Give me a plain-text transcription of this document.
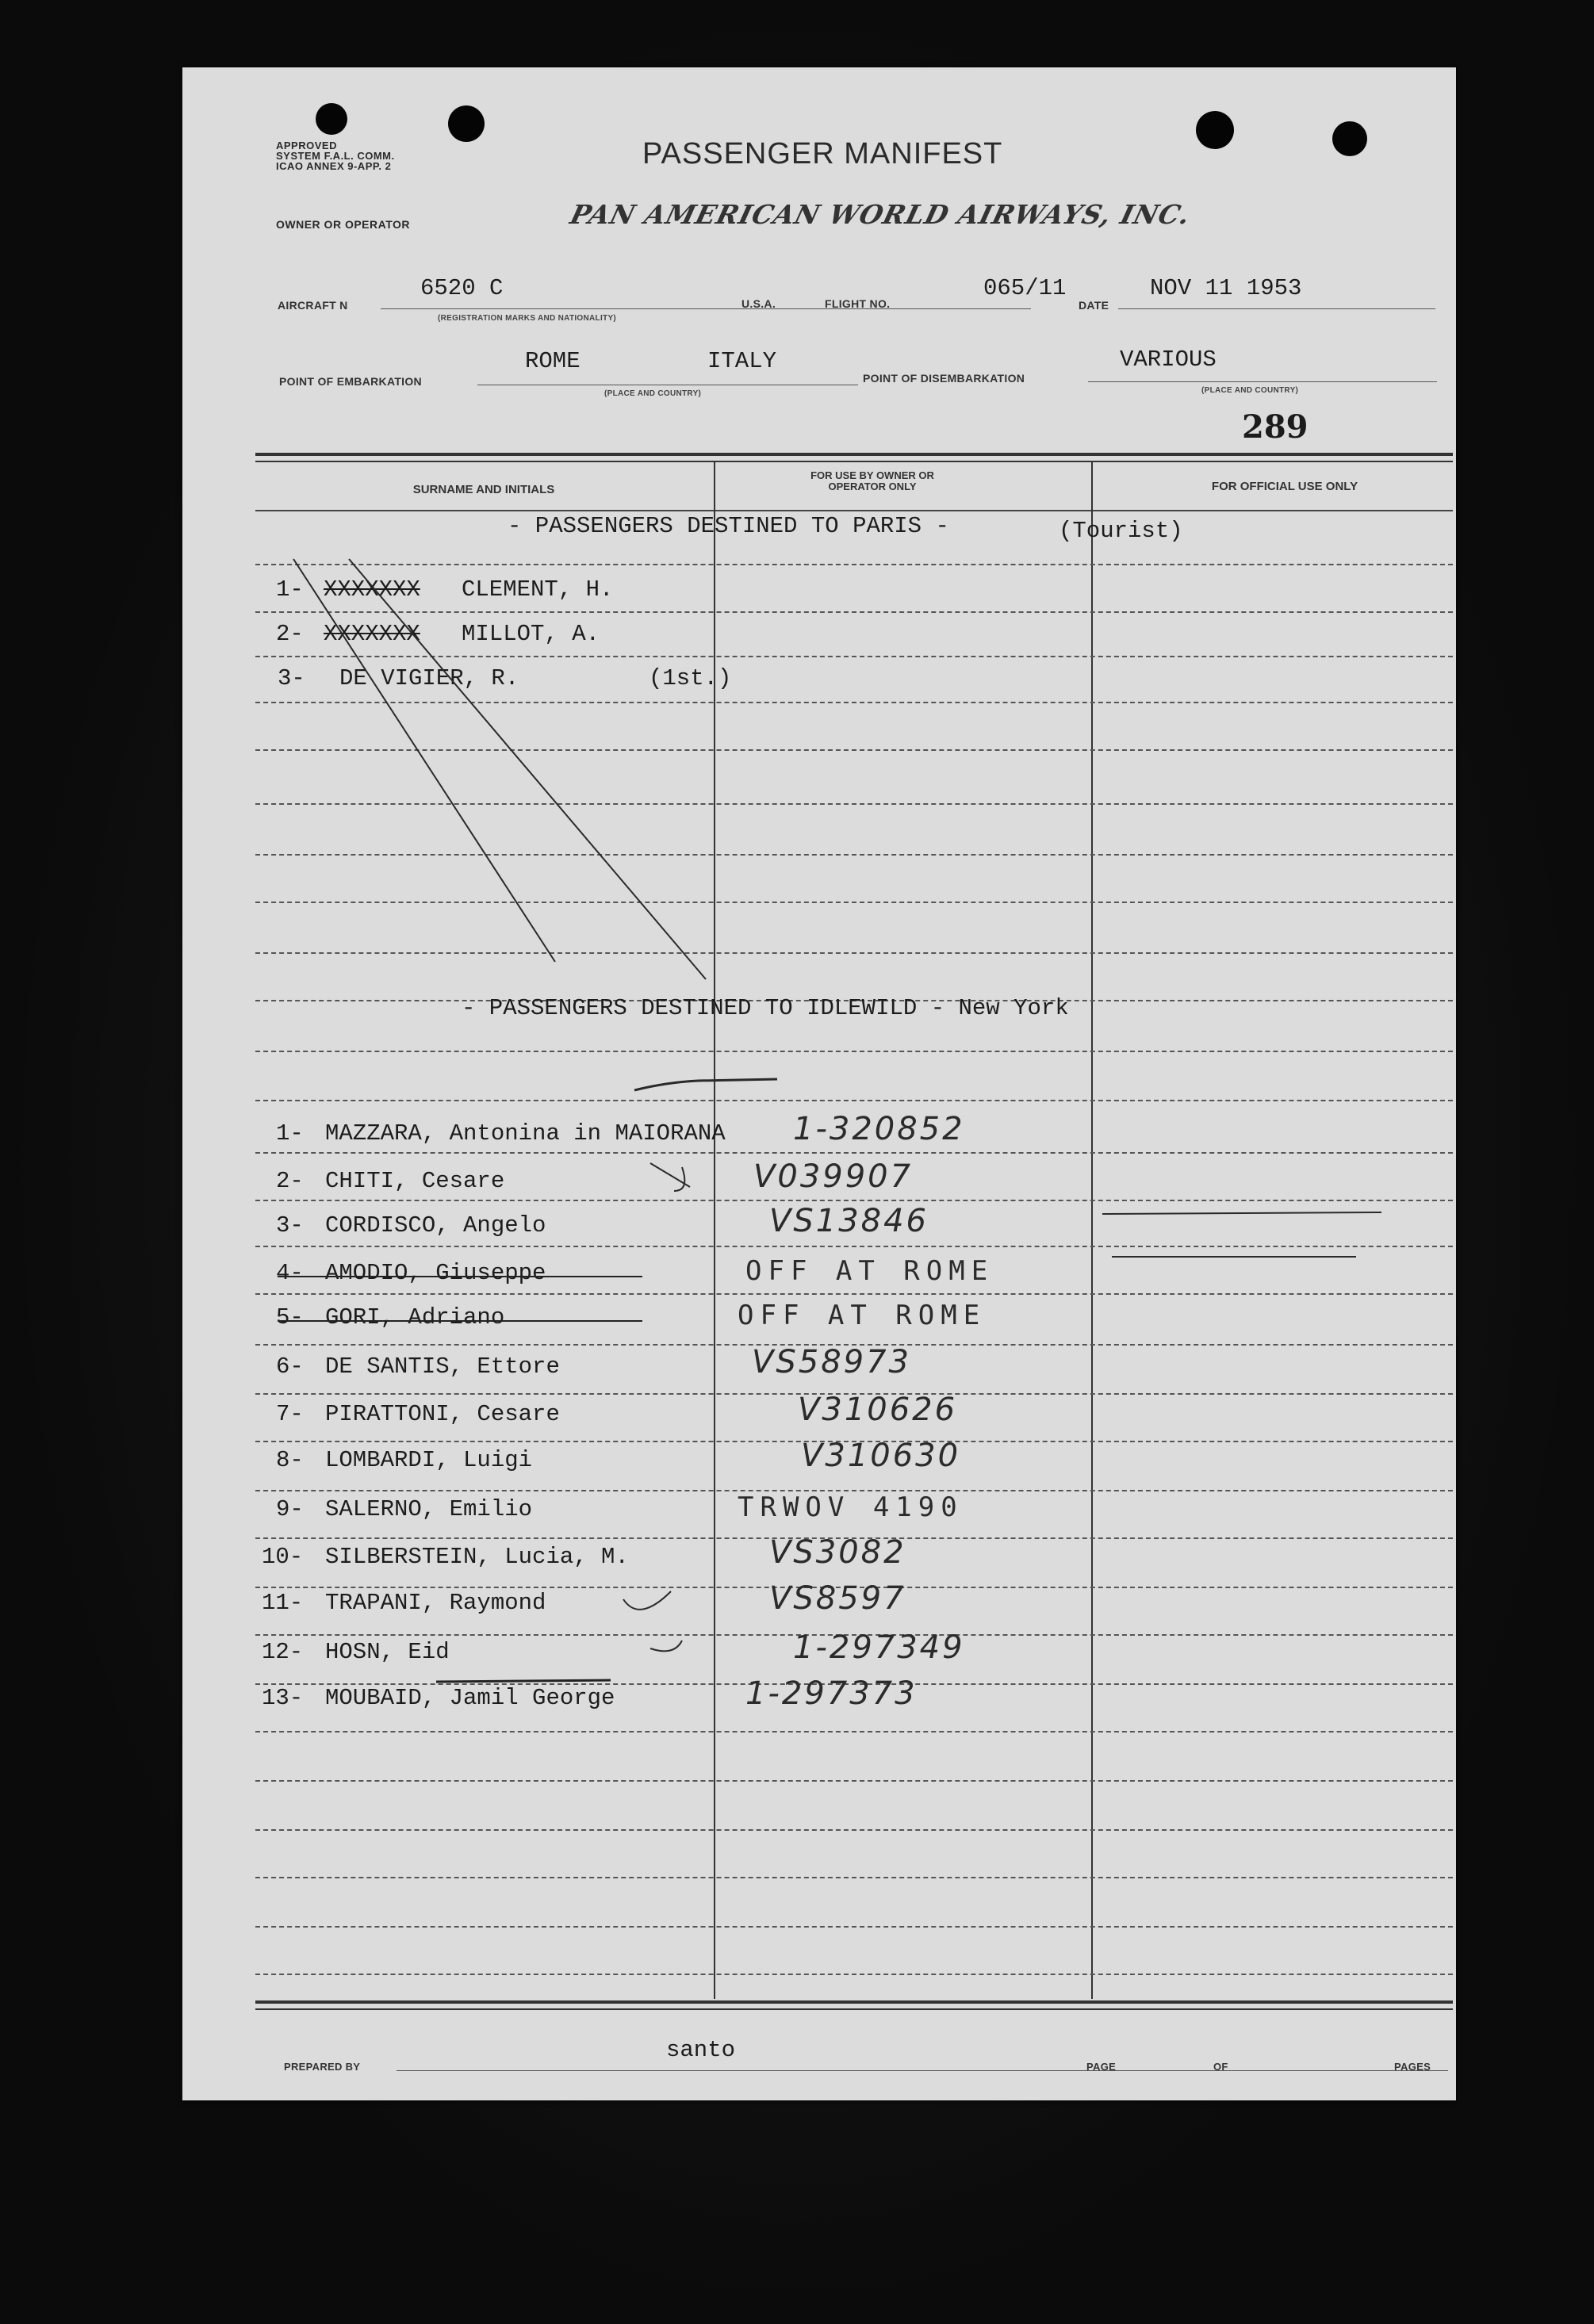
APPROVED
SYSTEM F.A.L. COMM.
ICAO ANNEX 9-APP. 2	PASSENGER MANIFEST
OWNER OR OPERATOR	PAN AMERICAN WORLD AIRWAYS, INC.
AIRCRAFT N
6520 C
(REGISTRATION MARKS AND NATIONALITY)
U.S.A.	FLIGHT NO.
065/11
DATE
NOV 11 1953
POINT OF EMBARKATION
ROME	ITALY
(PLACE AND COUNTRY)
POINT OF DISEMBARKATION
VARIOUS
(PLACE AND COUNTRY)
289
SURNAME AND INITIALS
FOR USE BY OWNER OR OPERATOR ONLY	FOR OFFICIAL USE ONLY
- PASSENGERS DESTINED TO PARIS -	(Tourist)
1- XXXXXXX CLEMENT, H.
2- XXXXXXX MILLOT, A.
3- DE VIGIER, R.	(1st.)
- PASSENGERS DESTINED TO IDLEWILD - New York
1- MAZZARA, Antonina in MAIORANA 1-320852
2- CHITI, Cesare	V039907
3- CORDISCO, Angelo	VS13846
4- AMODIO, Giuseppe	OFF AT ROME
5- GORI, Adriano	OFF AT ROME
6- DE SANTIS, Ettore	VS58973
7- PIRATTONI, Cesare	V310626
8- LOMBARDI, Luigi	V310630
9- SALERNO, Emilio	TRWOV 4190
10- SILBERSTEIN, Lucia, M.	VS3082
11- TRAPANI, Raymond	VS8597
12- HOSN, Eid	1-297349
13- MOUBAID, Jamil George	1-297373
PREPARED BY
santo
PAGE	OF	PAGES
